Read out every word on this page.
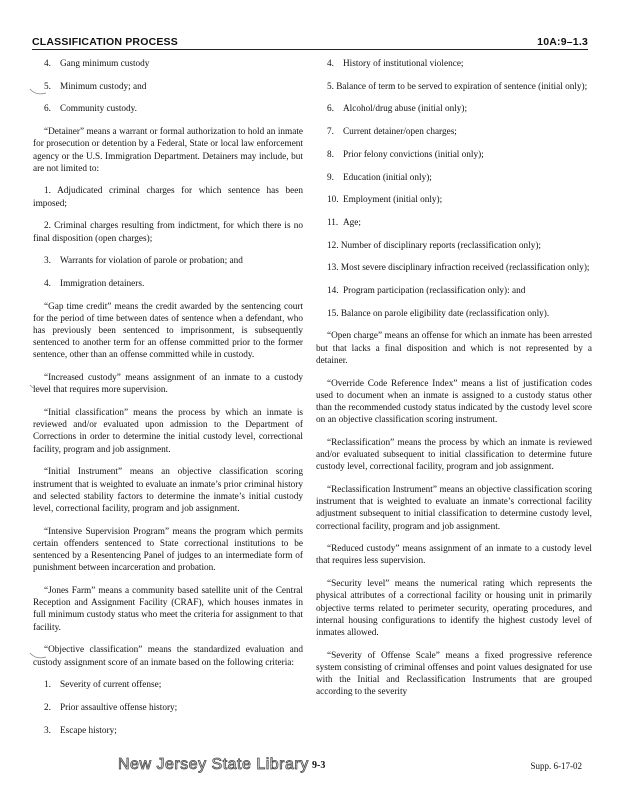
CLASSIFICATION PROCESS	10A:9–1.3

4. Gang minimum custody

5. Minimum custody; and

6. Community custody.

“Detainer” means a warrant or formal authorization to hold an inmate for prosecution or detention by a Federal, State or local law enforcement agency or the U.S. Immigration Department. Detainers may include, but are not limited to:

1. Adjudicated criminal charges for which sentence has been imposed;

2. Criminal charges resulting from indictment, for which there is no final disposition (open charges);

3. Warrants for violation of parole or probation; and

4. Immigration detainers.

“Gap time credit” means the credit awarded by the sentencing court for the period of time between dates of sentence when a defendant, who has previously been sentenced to imprisonment, is subsequently sentenced to another term for an offense committed prior to the former sentence, other than an offense committed while in custody.

“Increased custody” means assignment of an inmate to a custody level that requires more supervision.

“Initial classification” means the process by which an inmate is reviewed and/or evaluated upon admission to the Department of Corrections in order to determine the initial custody level, correctional facility, program and job assignment.

“Initial Instrument” means an objective classification scoring instrument that is weighted to evaluate an inmate’s prior criminal history and selected stability factors to determine the inmate’s initial custody level, correctional facility, program and job assignment.

“Intensive Supervision Program” means the program which permits certain offenders sentenced to State correctional institutions to be sentenced by a Resentencing Panel of judges to an intermediate form of punishment between incarceration and probation.

“Jones Farm” means a community based satellite unit of the Central Reception and Assignment Facility (CRAF), which houses inmates in full minimum custody status who meet the criteria for assignment to that facility.

“Objective classification” means the standardized evaluation and custody assignment score of an inmate based on the following criteria:

1. Severity of current offense;

2. Prior assaultive offense history;

3. Escape history;

4. History of institutional violence;

5. Balance of term to be served to expiration of sentence (initial only);

6. Alcohol/drug abuse (initial only);

7. Current detainer/open charges;

8. Prior felony convictions (initial only);

9. Education (initial only);

10. Employment (initial only);

11. Age;

12. Number of disciplinary reports (reclassification only);

13. Most severe disciplinary infraction received (reclassification only);

14. Program participation (reclassification only): and

15. Balance on parole eligibility date (reclassification only).

“Open charge” means an offense for which an inmate has been arrested but that lacks a final disposition and which is not represented by a detainer.

“Override Code Reference Index” means a list of justification codes used to document when an inmate is assigned to a custody status other than the recommended custody status indicated by the custody level score on an objective classification scoring instrument.

“Reclassification” means the process by which an inmate is reviewed and/or evaluated subsequent to initial classification to determine future custody level, correctional facility, program and job assignment.

“Reclassification Instrument” means an objective classification scoring instrument that is weighted to evaluate an inmate’s correctional facility adjustment subsequent to initial classification to determine custody level, correctional facility, program and job assignment.

“Reduced custody” means assignment of an inmate to a custody level that requires less supervision.

“Security level” means the numerical rating which represents the physical attributes of a correctional facility or housing unit in primarily objective terms related to perimeter security, operating procedures, and internal housing configurations to identify the highest custody level of inmates allowed.

“Severity of Offense Scale” means a fixed progressive reference system consisting of criminal offenses and point values designated for use with the Initial and Reclassification Instruments that are grouped according to the severity

New Jersey State Library 9-3	Supp. 6-17-02
